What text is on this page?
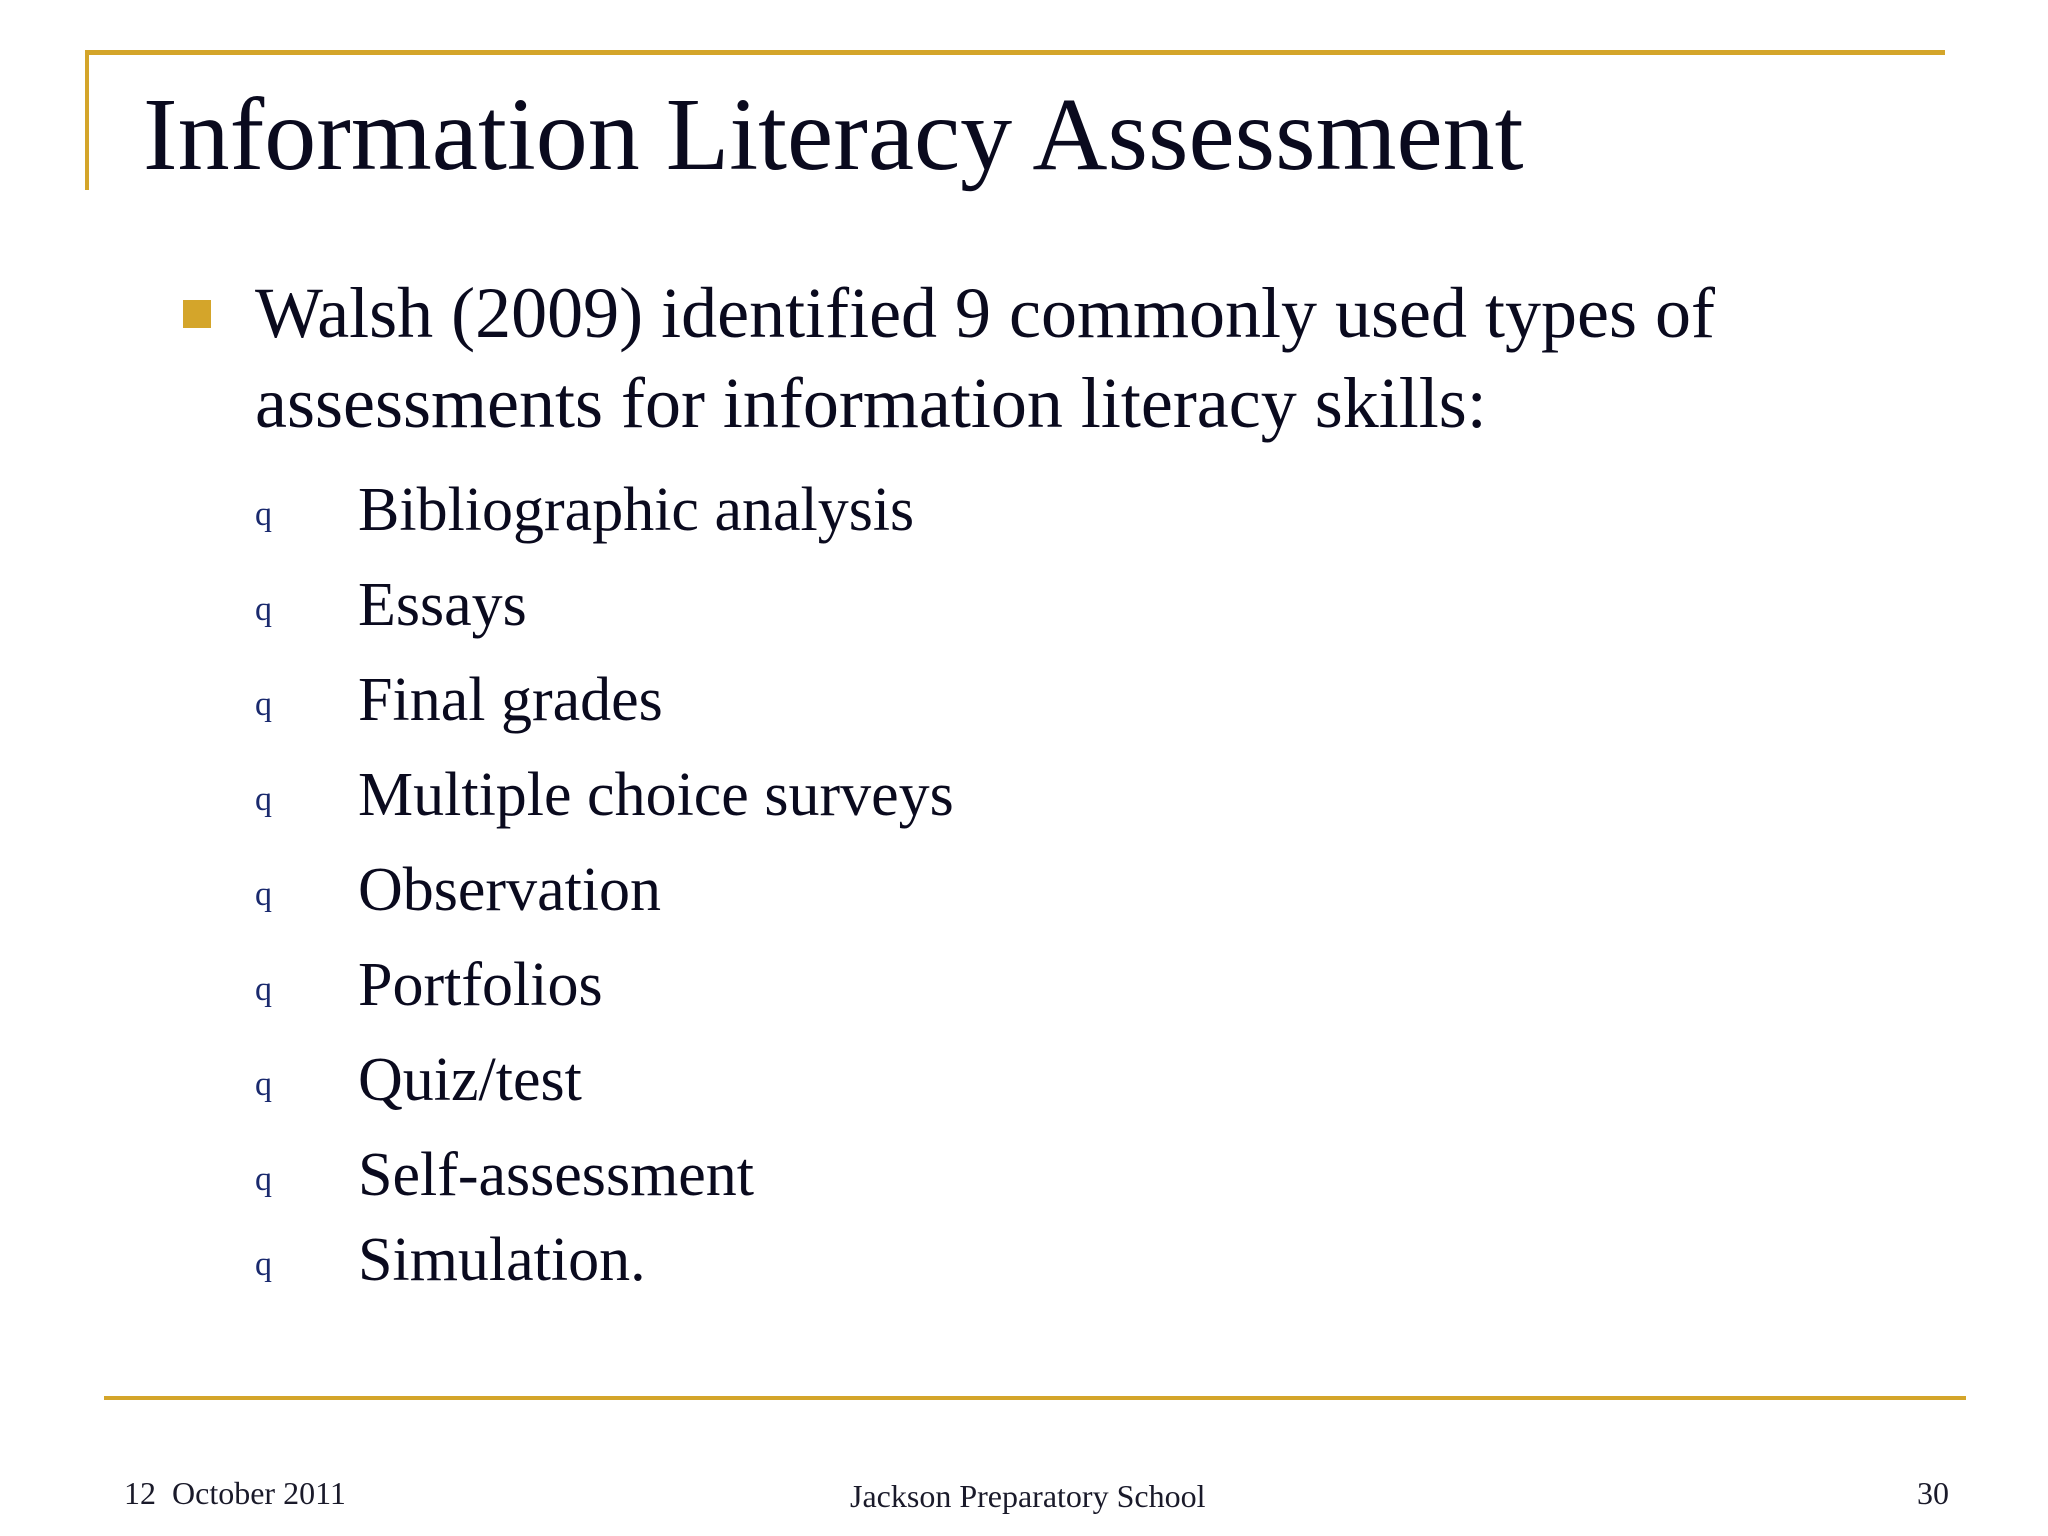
Information Literacy Assessment

Walsh (2009) identified 9 commonly used types of assessments for information literacy skills:

q Bibliographic analysis
q Essays
q Final grades
q Multiple choice surveys
q Observation
q Portfolios
q Quiz/test
q Self-assessment
q Simulation.
12  October 2011	Jackson Preparatory School	30
